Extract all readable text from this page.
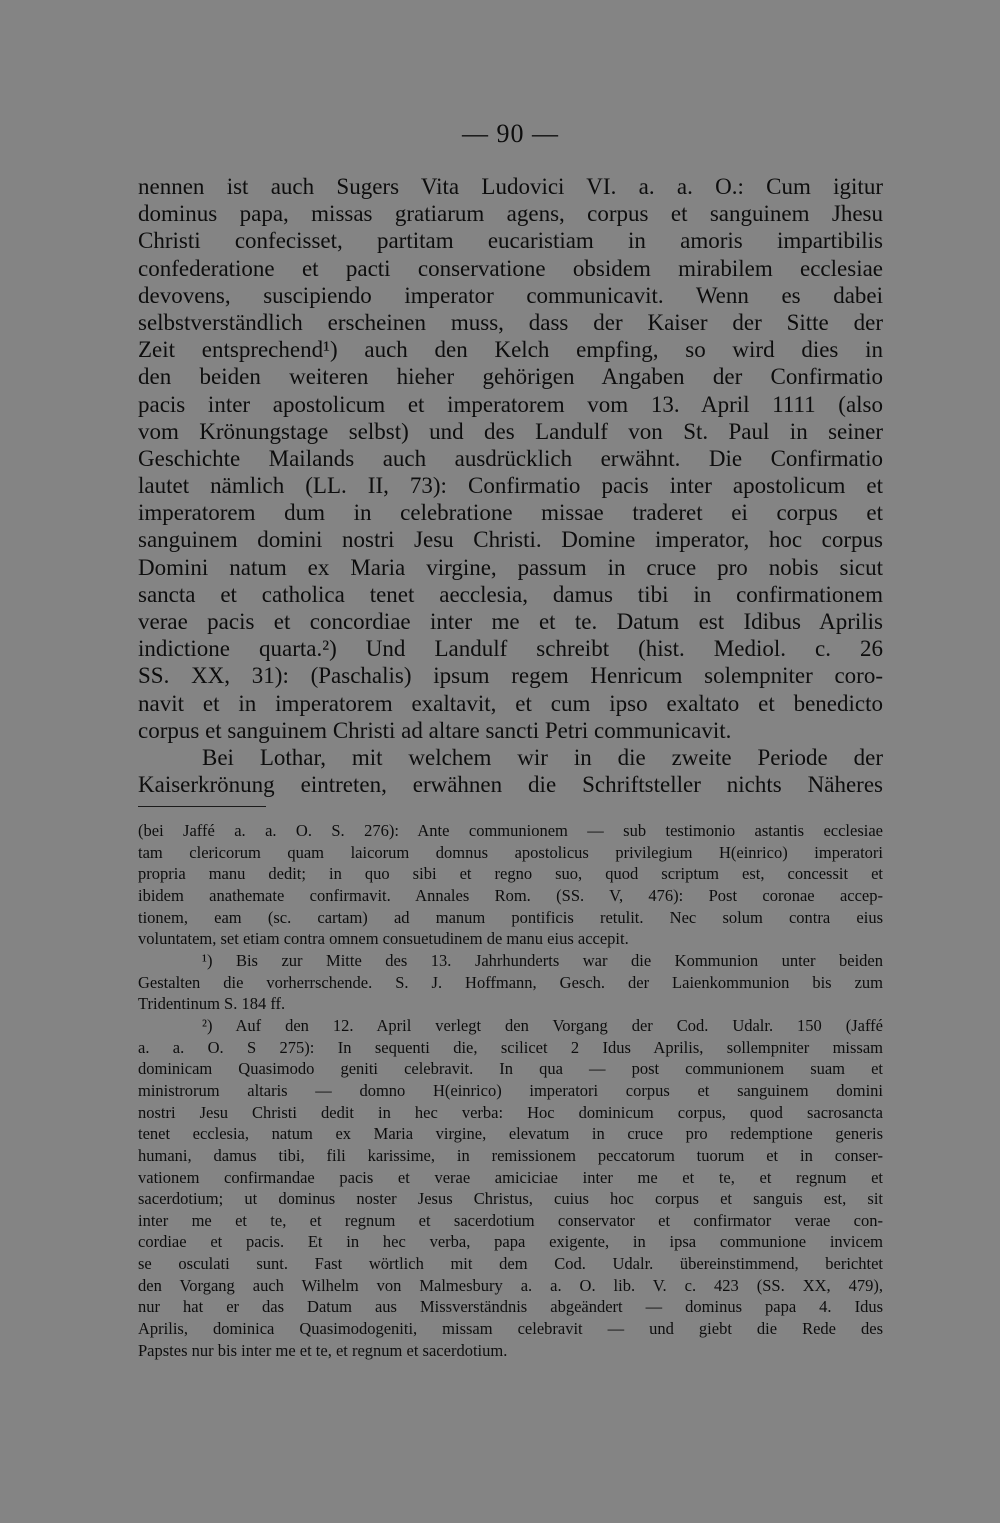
— 90 —
nennen ist auch Sugers Vita Ludovici VI. a. a. O.: Cum igitur
dominus papa, missas gratiarum agens, corpus et sanguinem Jhesu
Christi confecisset, partitam eucaristiam in amoris impartibilis
confederatione et pacti conservatione obsidem mirabilem ecclesiae
devovens, suscipiendo imperator communicavit. Wenn es dabei
selbstverständlich erscheinen muss, dass der Kaiser der Sitte der
Zeit entsprechend¹) auch den Kelch empfing, so wird dies in
den beiden weiteren hieher gehörigen Angaben der Confirmatio
pacis inter apostolicum et imperatorem vom 13. April 1111 (also
vom Krönungstage selbst) und des Landulf von St. Paul in seiner
Geschichte Mailands auch ausdrücklich erwähnt. Die Confirmatio
lautet nämlich (LL. II, 73): Confirmatio pacis inter apostolicum et
imperatorem dum in celebratione missae traderet ei corpus et
sanguinem domini nostri Jesu Christi. Domine imperator, hoc corpus
Domini natum ex Maria virgine, passum in cruce pro nobis sicut
sancta et catholica tenet aecclesia, damus tibi in confirmationem
verae pacis et concordiae inter me et te. Datum est Idibus Aprilis
indictione quarta.²) Und Landulf schreibt (hist. Mediol. c. 26
SS. XX, 31): (Paschalis) ipsum regem Henricum solempniter coro-
navit et in imperatorem exaltavit, et cum ipso exaltato et benedicto
corpus et sanguinem Christi ad altare sancti Petri communicavit.
Bei Lothar, mit welchem wir in die zweite Periode der
Kaiserkrönung eintreten, erwähnen die Schriftsteller nichts Näheres
(bei Jaffé a. a. O. S. 276): Ante communionem — sub testimonio astantis ecclesiae
tam clericorum quam laicorum domnus apostolicus privilegium H(einrico) imperatori
propria manu dedit; in quo sibi et regno suo, quod scriptum est, concessit et
ibidem anathemate confirmavit. Annales Rom. (SS. V, 476): Post coronae accep-
tionem, eam (sc. cartam) ad manum pontificis retulit. Nec solum contra eius
voluntatem, set etiam contra omnem consuetudinem de manu eius accepit.
¹) Bis zur Mitte des 13. Jahrhunderts war die Kommunion unter beiden
Gestalten die vorherrschende. S. J. Hoffmann, Gesch. der Laienkommunion bis zum
Tridentinum S. 184 ff.
²) Auf den 12. April verlegt den Vorgang der Cod. Udalr. 150 (Jaffé
a. a. O. S 275): In sequenti die, scilicet 2 Idus Aprilis, sollempniter missam
dominicam Quasimodo geniti celebravit. In qua — post communionem suam et
ministrorum altaris — domno H(einrico) imperatori corpus et sanguinem domini
nostri Jesu Christi dedit in hec verba: Hoc dominicum corpus, quod sacrosancta
tenet ecclesia, natum ex Maria virgine, elevatum in cruce pro redemptione generis
humani, damus tibi, fili karissime, in remissionem peccatorum tuorum et in conser-
vationem confirmandae pacis et verae amiciciae inter me et te, et regnum et
sacerdotium; ut dominus noster Jesus Christus, cuius hoc corpus et sanguis est, sit
inter me et te, et regnum et sacerdotium conservator et confirmator verae con-
cordiae et pacis. Et in hec verba, papa exigente, in ipsa communione invicem
se osculati sunt. Fast wörtlich mit dem Cod. Udalr. übereinstimmend, berichtet
den Vorgang auch Wilhelm von Malmesbury a. a. O. lib. V. c. 423 (SS. XX, 479),
nur hat er das Datum aus Missverständnis abgeändert — dominus papa 4. Idus
Aprilis, dominica Quasimodogeniti, missam celebravit — und giebt die Rede des
Papstes nur bis inter me et te, et regnum et sacerdotium.
